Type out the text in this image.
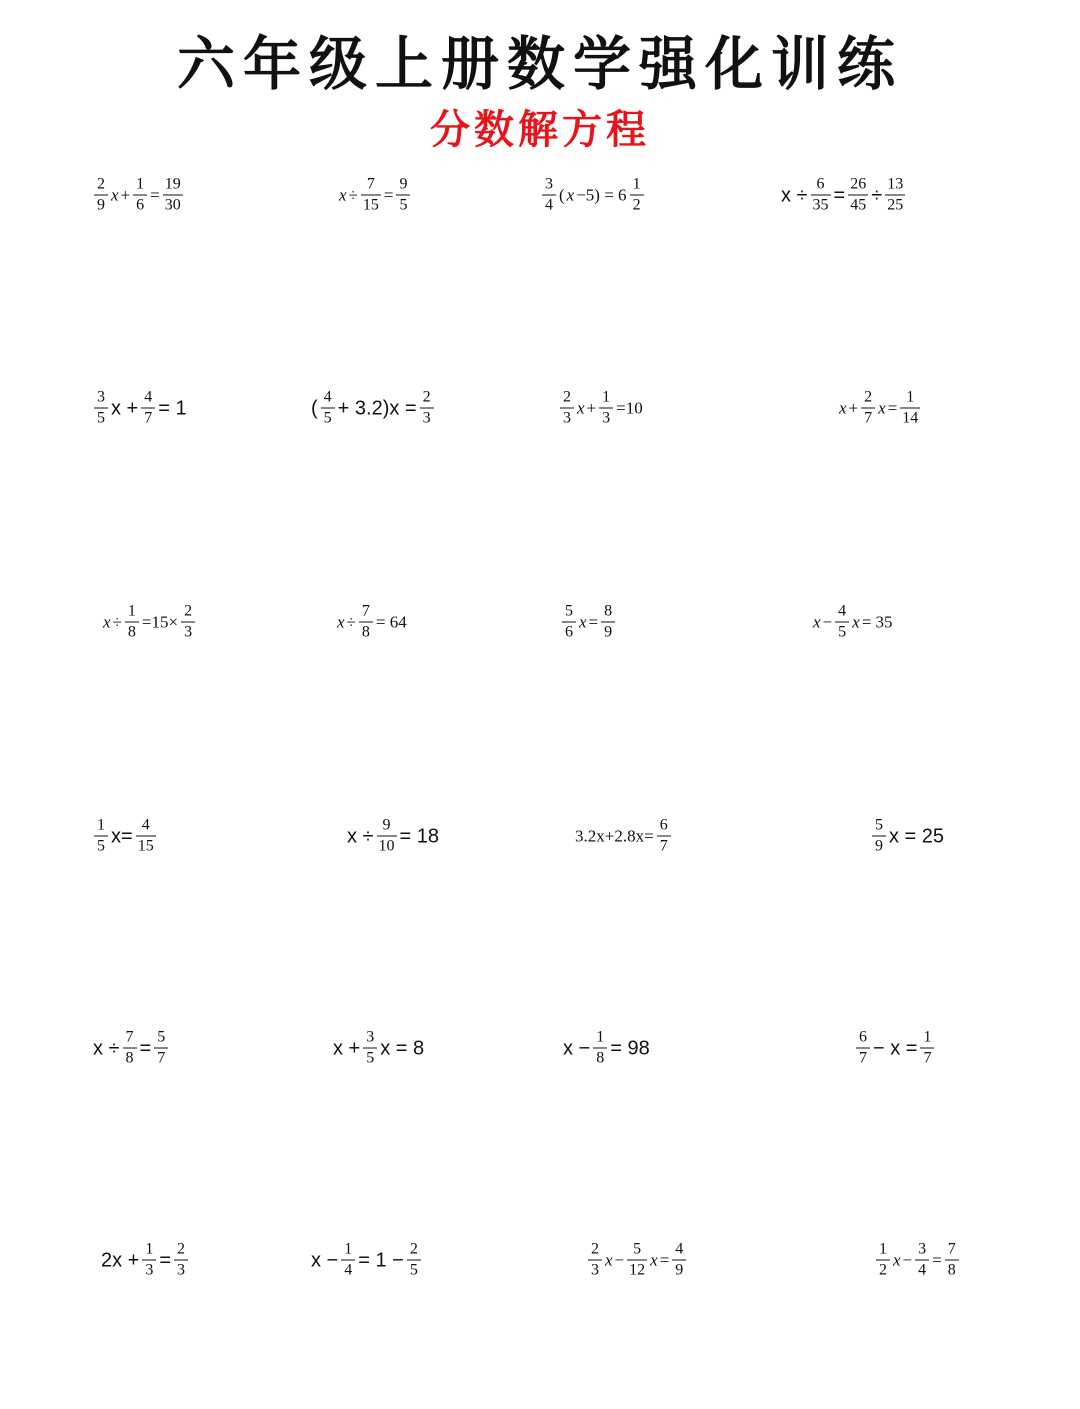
六年级上册数学强化训练
分数解方程
$\frac{2}{9}$ $x + \frac{1}{6} = \frac{19}{30}$	$x \div \frac{7}{15} = \frac{9}{5}$	$\frac{3}{4}$ ( $x -5) = 6 \frac{1}{2}$	$x \div \frac{6}{35} = \frac{26}{45} \div \frac{13}{25}$
$\frac{3}{5}$ $x + \frac{4}{7} = 1$	( $\frac{4}{5} + 3.2)x = \frac{2}{3}$	$\frac{2}{3}$ $x + \frac{1}{3} =10$	$x + \frac{2}{7}$ $x = \frac{1}{14}$
$x \div \frac{1}{8} =15\times \frac{2}{3}$	$x \div \frac{7}{8} = 64$	$\frac{5}{6}$ $x = \frac{8}{9}$	$x - \frac{4}{5}$ x = 35
$\frac{1}{5} x= \frac{4}{15}$	$x \div \frac{9}{10} = 18$	$3.2x+2.8x= \frac{6}{7}$	$\frac{5}{9}$ x = 25
$x \div \frac{7}{8} = \frac{5}{7}$	$x + \frac{3}{5}$ x = 8	$x - \frac{1}{8} = 98$	$\frac{6}{7} - x = \frac{1}{7}$
$2x + \frac{1}{3} = \frac{2}{3}$	$x - \frac{1}{4} = 1 - \frac{2}{5}$	$\frac{2}{3}$ $x - \frac{5}{12}$ $x = \frac{4}{9}$	$\frac{1}{2}$ $x - \frac{3}{4} = \frac{7}{8}$
